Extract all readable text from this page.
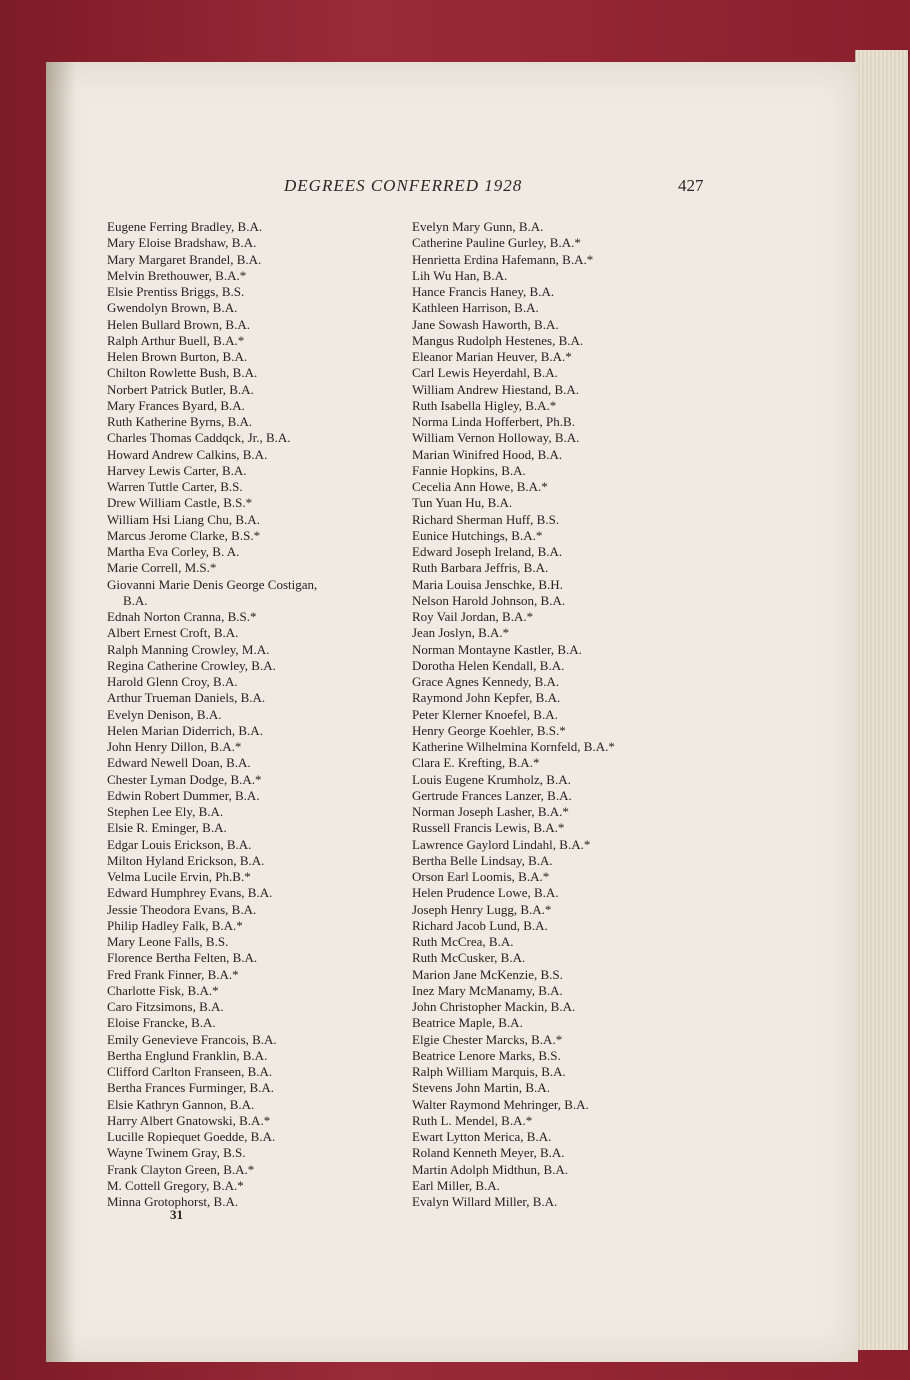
DEGREES CONFERRED 1928	427
Eugene Ferring Bradley, B.A.
Mary Eloise Bradshaw, B.A.
Mary Margaret Brandel, B.A.
Melvin Brethouwer, B.A.*
Elsie Prentiss Briggs, B.S.
Gwendolyn Brown, B.A.
Helen Bullard Brown, B.A.
Ralph Arthur Buell, B.A.*
Helen Brown Burton, B.A.
Chilton Rowlette Bush, B.A.
Norbert Patrick Butler, B.A.
Mary Frances Byard, B.A.
Ruth Katherine Byrns, B.A.
Charles Thomas Caddqck, Jr., B.A.
Howard Andrew Calkins, B.A.
Harvey Lewis Carter, B.A.
Warren Tuttle Carter, B.S.
Drew William Castle, B.S.*
William Hsi Liang Chu, B.A.
Marcus Jerome Clarke, B.S.*
Martha Eva Corley, B. A.
Marie Correll, M.S.*
Giovanni Marie Denis George Costigan,
B.A.
Ednah Norton Cranna, B.S.*
Albert Ernest Croft, B.A.
Ralph Manning Crowley, M.A.
Regina Catherine Crowley, B.A.
Harold Glenn Croy, B.A.
Arthur Trueman Daniels, B.A.
Evelyn Denison, B.A.
Helen Marian Diderrich, B.A.
John Henry Dillon, B.A.*
Edward Newell Doan, B.A.
Chester Lyman Dodge, B.A.*
Edwin Robert Dummer, B.A.
Stephen Lee Ely, B.A.
Elsie R. Eminger, B.A.
Edgar Louis Erickson, B.A.
Milton Hyland Erickson, B.A.
Velma Lucile Ervin, Ph.B.*
Edward Humphrey Evans, B.A.
Jessie Theodora Evans, B.A.
Philip Hadley Falk, B.A.*
Mary Leone Falls, B.S.
Florence Bertha Felten, B.A.
Fred Frank Finner, B.A.*
Charlotte Fisk, B.A.*
Caro Fitzsimons, B.A.
Eloise Francke, B.A.
Emily Genevieve Francois, B.A.
Bertha Englund Franklin, B.A.
Clifford Carlton Franseen, B.A.
Bertha Frances Furminger, B.A.
Elsie Kathryn Gannon, B.A.
Harry Albert Gnatowski, B.A.*
Lucille Ropiequet Goedde, B.A.
Wayne Twinem Gray, B.S.
Frank Clayton Green, B.A.*
M. Cottell Gregory, B.A.*
Minna Grotophorst, B.A.
Evelyn Mary Gunn, B.A.
Catherine Pauline Gurley, B.A.*
Henrietta Erdina Hafemann, B.A.*
Lih Wu Han, B.A.
Hance Francis Haney, B.A.
Kathleen Harrison, B.A.
Jane Sowash Haworth, B.A.
Mangus Rudolph Hestenes, B.A.
Eleanor Marian Heuver, B.A.*
Carl Lewis Heyerdahl, B.A.
William Andrew Hiestand, B.A.
Ruth Isabella Higley, B.A.*
Norma Linda Hofferbert, Ph.B.
William Vernon Holloway, B.A.
Marian Winifred Hood, B.A.
Fannie Hopkins, B.A.
Cecelia Ann Howe, B.A.*
Tun Yuan Hu, B.A.
Richard Sherman Huff, B.S.
Eunice Hutchings, B.A.*
Edward Joseph Ireland, B.A.
Ruth Barbara Jeffris, B.A.
Maria Louisa Jenschke, B.H.
Nelson Harold Johnson, B.A.
Roy Vail Jordan, B.A.*
Jean Joslyn, B.A.*
Norman Montayne Kastler, B.A.
Dorotha Helen Kendall, B.A.
Grace Agnes Kennedy, B.A.
Raymond John Kepfer, B.A.
Peter Klerner Knoefel, B.A.
Henry George Koehler, B.S.*
Katherine Wilhelmina Kornfeld, B.A.*
Clara E. Krefting, B.A.*
Louis Eugene Krumholz, B.A.
Gertrude Frances Lanzer, B.A.
Norman Joseph Lasher, B.A.*
Russell Francis Lewis, B.A.*
Lawrence Gaylord Lindahl, B.A.*
Bertha Belle Lindsay, B.A.
Orson Earl Loomis, B.A.*
Helen Prudence Lowe, B.A.
Joseph Henry Lugg, B.A.*
Richard Jacob Lund, B.A.
Ruth McCrea, B.A.
Ruth McCusker, B.A.
Marion Jane McKenzie, B.S.
Inez Mary McManamy, B.A.
John Christopher Mackin, B.A.
Beatrice Maple, B.A.
Elgie Chester Marcks, B.A.*
Beatrice Lenore Marks, B.S.
Ralph William Marquis, B.A.
Stevens John Martin, B.A.
Walter Raymond Mehringer, B.A.
Ruth L. Mendel, B.A.*
Ewart Lytton Merica, B.A.
Roland Kenneth Meyer, B.A.
Martin Adolph Midthun, B.A.
Earl Miller, B.A.
Evalyn Willard Miller, B.A.
31
